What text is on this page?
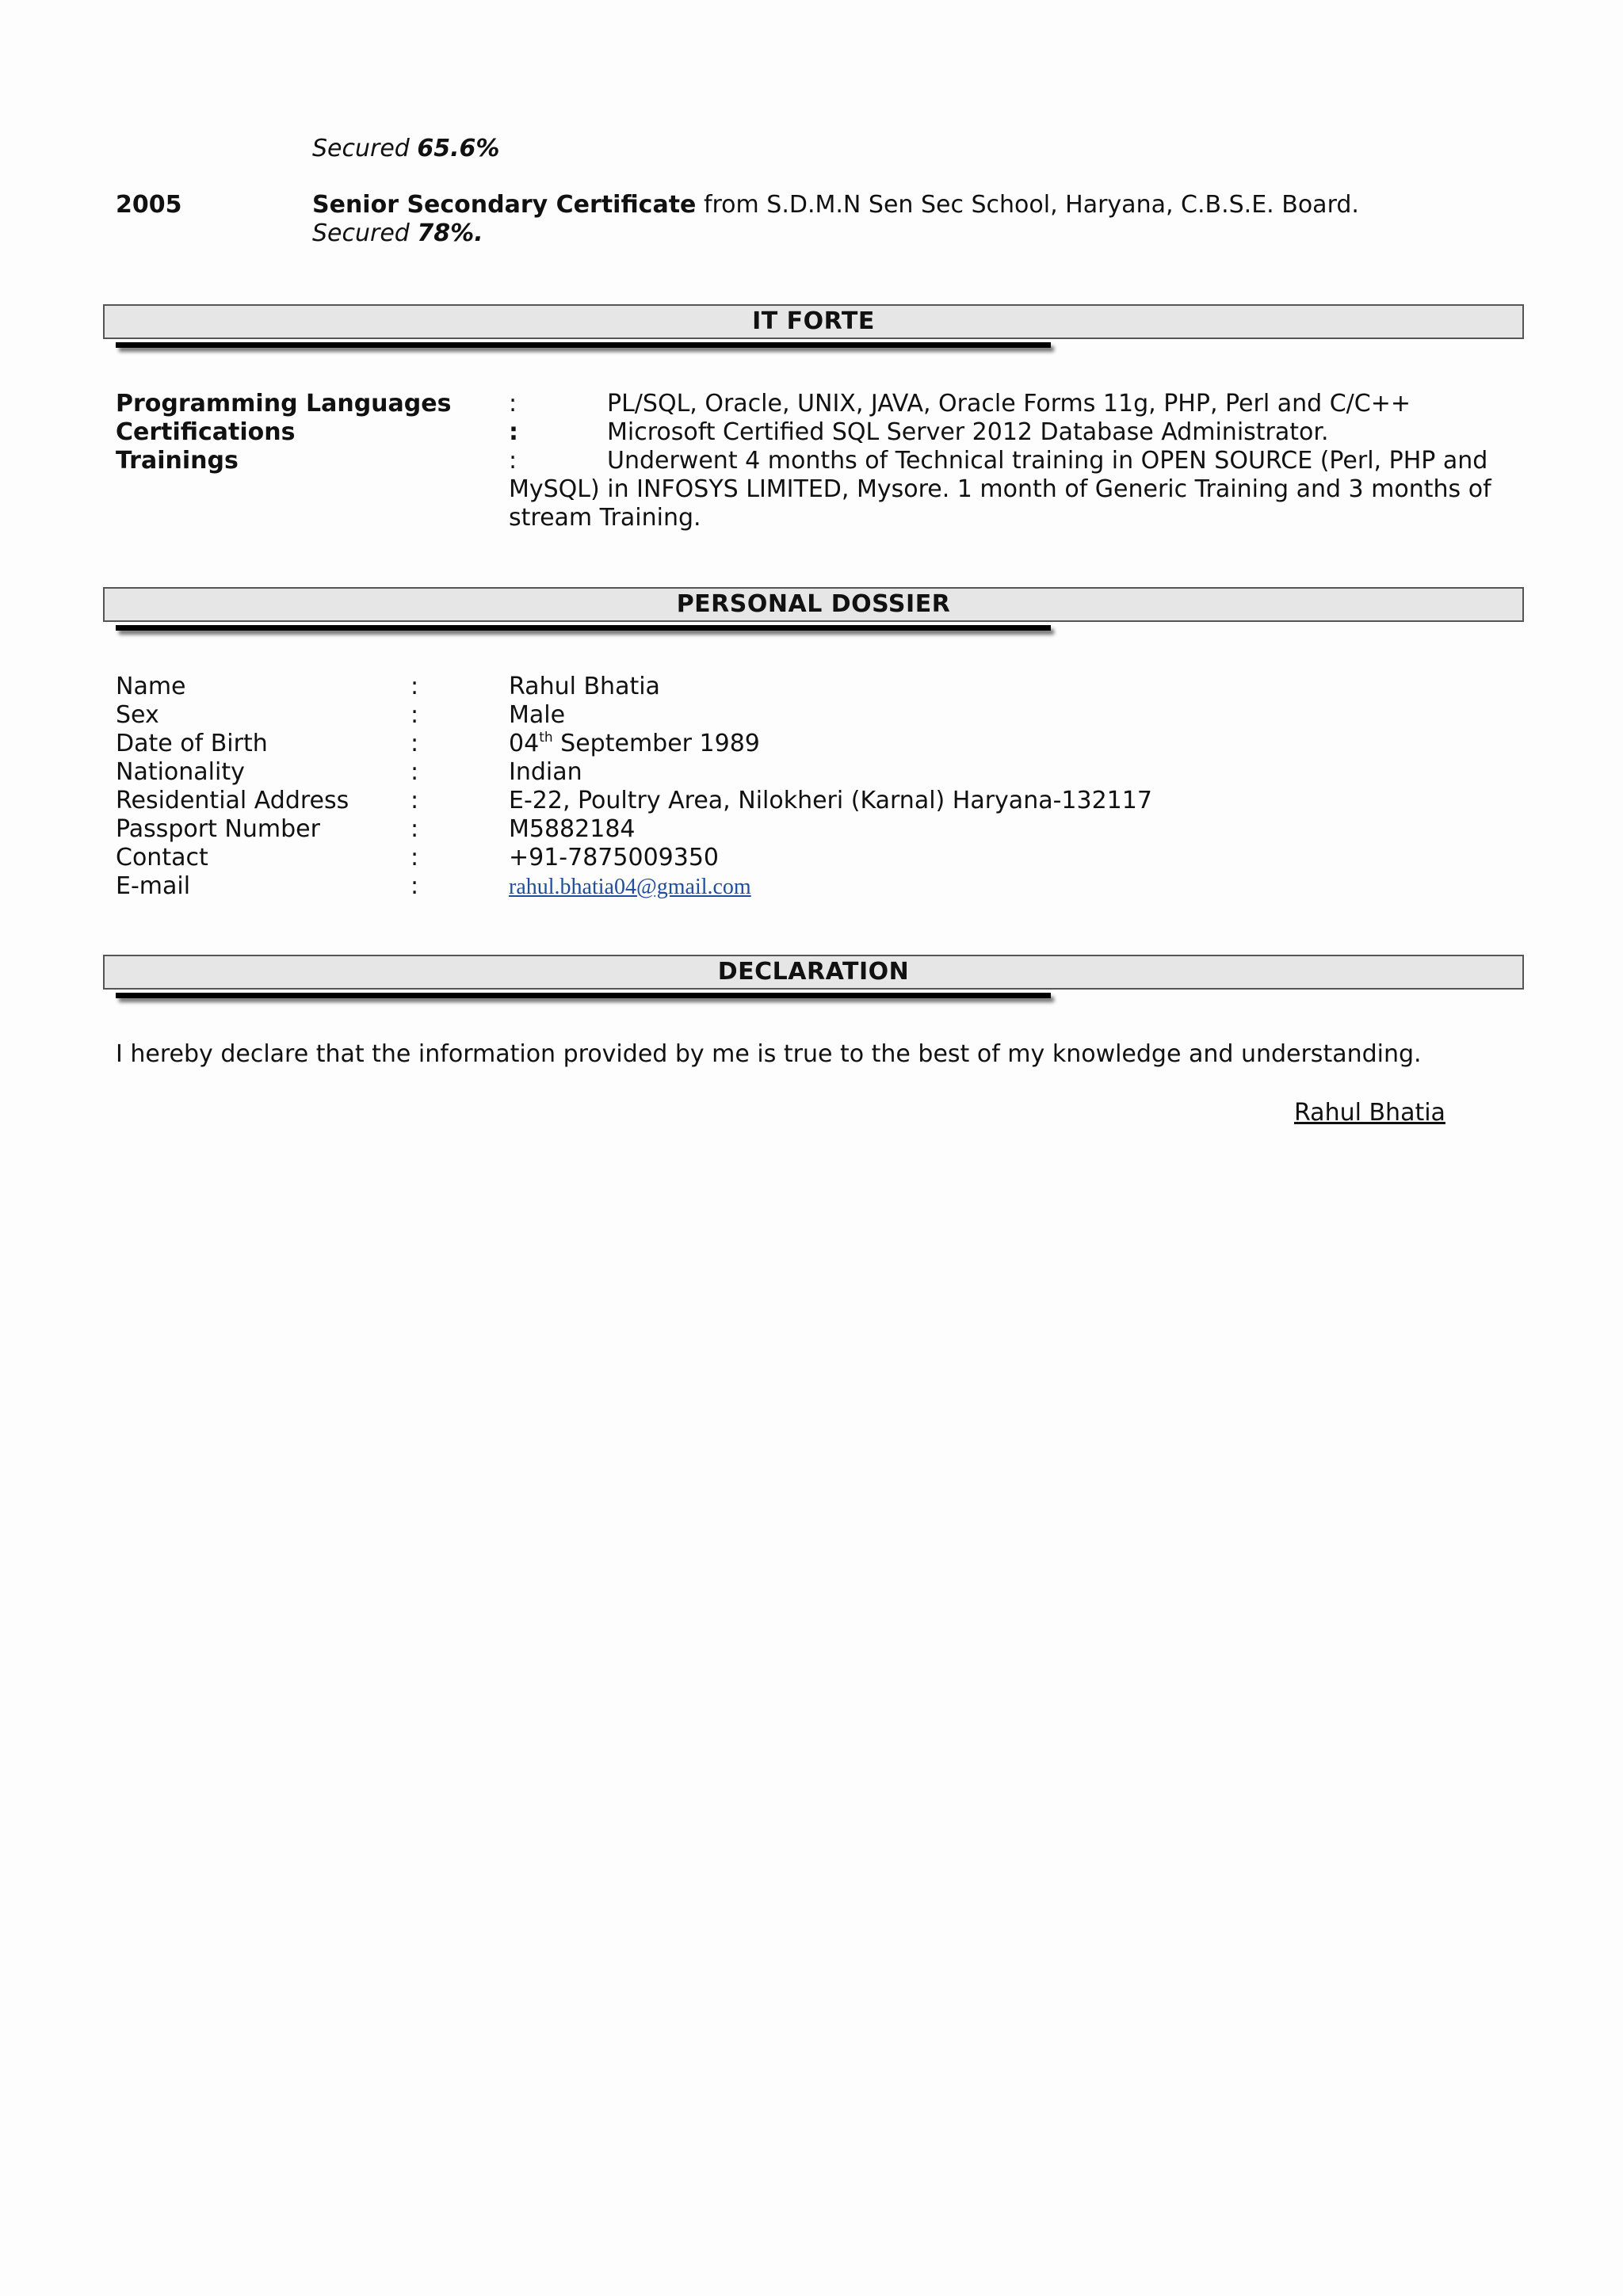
Secured 65.6%
2005	Senior Secondary Certificate from S.D.M.N Sen Sec School, Haryana, C.B.S.E. Board.
Secured 78%.
IT FORTE
Programming Languages :	PL/SQL, Oracle, UNIX, JAVA, Oracle Forms 11g, PHP, Perl and C/C++
Certifications	:	Microsoft Certified SQL Server 2012 Database Administrator.
Trainings	:	Underwent 4 months of Technical training in OPEN SOURCE (Perl, PHP and
MySQL) in INFOSYS LIMITED, Mysore. 1 month of Generic Training and 3 months of
stream Training.
PERSONAL DOSSIER
Name	:	Rahul Bhatia
Sex	:	Male
Date of Birth	:	04th September 1989
Nationality	:	Indian
Residential Address	:	E-22, Poultry Area, Nilokheri (Karnal) Haryana-132117
Passport Number	:	M5882184
Contact	:	+91-7875009350
E-mail	:	rahul.bhatia04@gmail.com
DECLARATION
I hereby declare that the information provided by me is true to the best of my knowledge and understanding.
Rahul Bhatia
